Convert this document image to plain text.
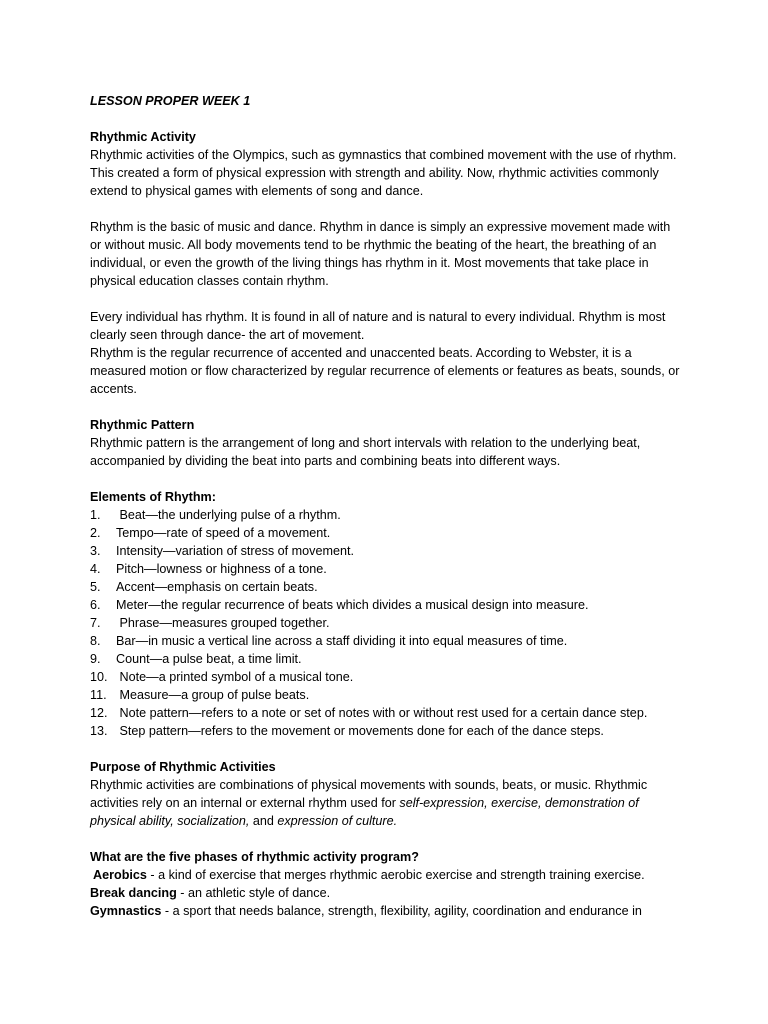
LESSON PROPER WEEK 1
Rhythmic Activity

Rhythmic activities of the Olympics, such as gymnastics that combined movement with the use of rhythm. This created a form of physical expression with strength and ability. Now, rhythmic activities commonly extend to physical games with elements of song and dance.

Rhythm is the basic of music and dance. Rhythm in dance is simply an expressive movement made with or without music. All body movements tend to be rhythmic the beating of the heart, the breathing of an individual, or even the growth of the living things has rhythm in it. Most movements that take place in physical education classes contain rhythm.

Every individual has rhythm. It is found in all of nature and is natural to every individual. Rhythm is most clearly seen through dance- the art of movement.

Rhythm is the regular recurrence of accented and unaccented beats. According to Webster, it is a measured motion or flow characterized by regular recurrence of elements or features as beats, sounds, or accents.

Rhythmic Pattern

Rhythmic pattern is the arrangement of long and short intervals with relation to the underlying beat, accompanied by dividing the beat into parts and combining beats into different ways.

Elements of Rhythm:
1.	Beat—the underlying pulse of a rhythm.
2.	Tempo—rate of speed of a movement.
3.	Intensity—variation of stress of movement.
4.	Pitch—lowness or highness of a tone.
5.	Accent—emphasis on certain beats.
6.	Meter—the regular recurrence of beats which divides a musical design into measure.
7.	Phrase—measures grouped together.
8.	Bar—in music a vertical line across a staff dividing it into equal measures of time.
9.	Count—a pulse beat, a time limit.
10. Note—a printed symbol of a musical tone.
11. Measure—a group of pulse beats.
12. Note pattern—refers to a note or set of notes with or without rest used for a certain dance step.
13. Step pattern—refers to the movement or movements done for each of the dance steps.
Purpose of Rhythmic Activities

Rhythmic activities are combinations of physical movements with sounds, beats, or music. Rhythmic activities rely on an internal or external rhythm used for self-expression, exercise, demonstration of physical ability, socialization, and expression of culture.

What are the five phases of rhythmic activity program?

Aerobics - a kind of exercise that merges rhythmic aerobic exercise and strength training exercise.

Break dancing - an athletic style of dance.

Gymnastics - a sport that needs balance, strength, flexibility, agility, coordination and endurance in
